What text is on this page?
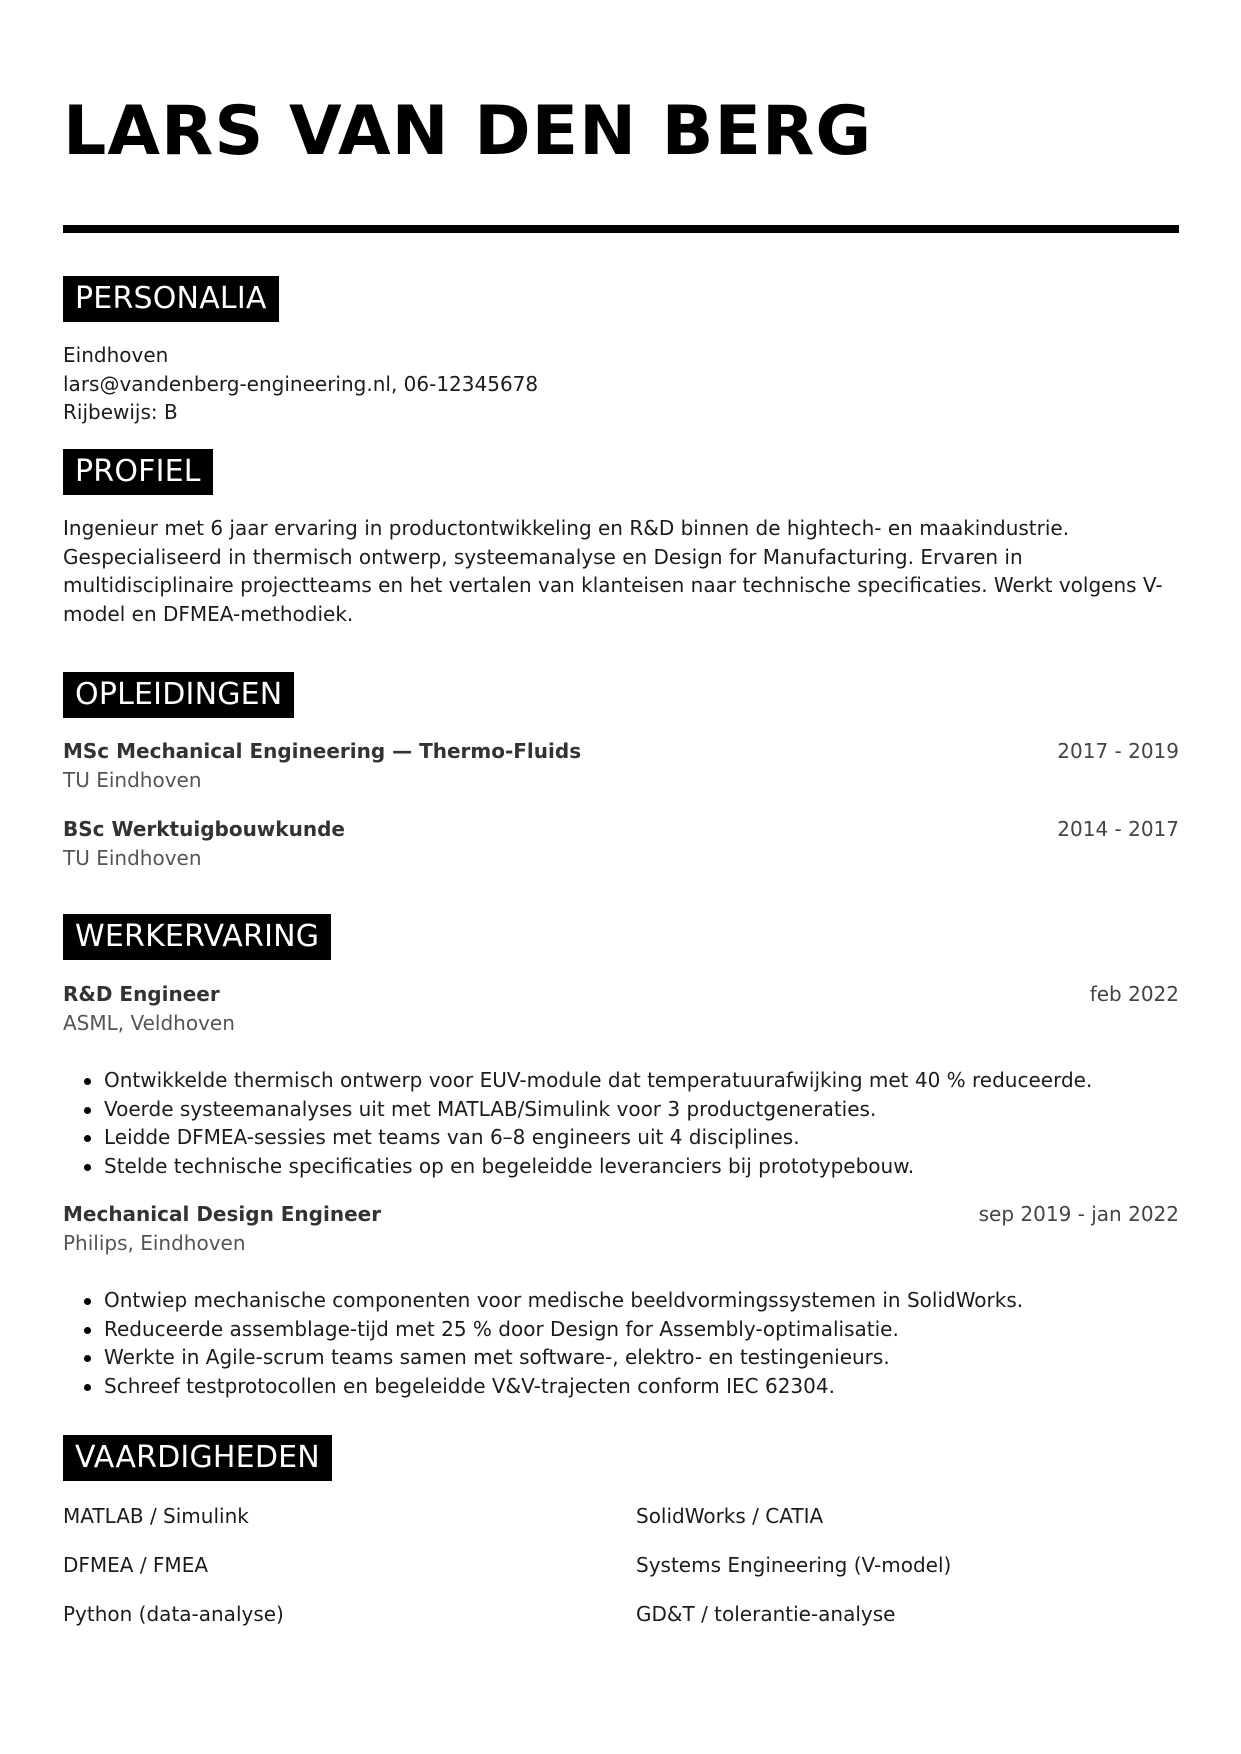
LARS VAN DEN BERG
PERSONALIA
Eindhoven
lars@vandenberg-engineering.nl, 06-12345678
Rijbewijs: B
PROFIEL
Ingenieur met 6 jaar ervaring in productontwikkeling en R&D binnen de hightech- en maakindustrie. Gespecialiseerd in thermisch ontwerp, systeemanalyse en Design for Manufacturing. Ervaren in multidisciplinaire projectteams en het vertalen van klanteisen naar technische specificaties. Werkt volgens V-model en DFMEA-methodiek.
OPLEIDINGEN
MSc Mechanical Engineering — Thermo-Fluids	2017 - 2019
TU Eindhoven
BSc Werktuigbouwkunde	2014 - 2017
TU Eindhoven
WERKERVARING
R&D Engineer	feb 2022
ASML, Veldhoven
Ontwikkelde thermisch ontwerp voor EUV-module dat temperatuurafwijking met 40 % reduceerde.
Voerde systeemanalyses uit met MATLAB/Simulink voor 3 productgeneraties.
Leidde DFMEA-sessies met teams van 6–8 engineers uit 4 disciplines.
Stelde technische specificaties op en begeleidde leveranciers bij prototypebouw.
Mechanical Design Engineer	sep 2019 - jan 2022
Philips, Eindhoven
Ontwiep mechanische componenten voor medische beeldvormingssystemen in SolidWorks.
Reduceerde assemblage-tijd met 25 % door Design for Assembly-optimalisatie.
Werkte in Agile-scrum teams samen met software-, elektro- en testingenieurs.
Schreef testprotocollen en begeleidde V&V-trajecten conform IEC 62304.
VAARDIGHEDEN
MATLAB / Simulink	SolidWorks / CATIA
DFMEA / FMEA	Systems Engineering (V-model)
Python (data-analyse)	GD&T / tolerantie-analyse
